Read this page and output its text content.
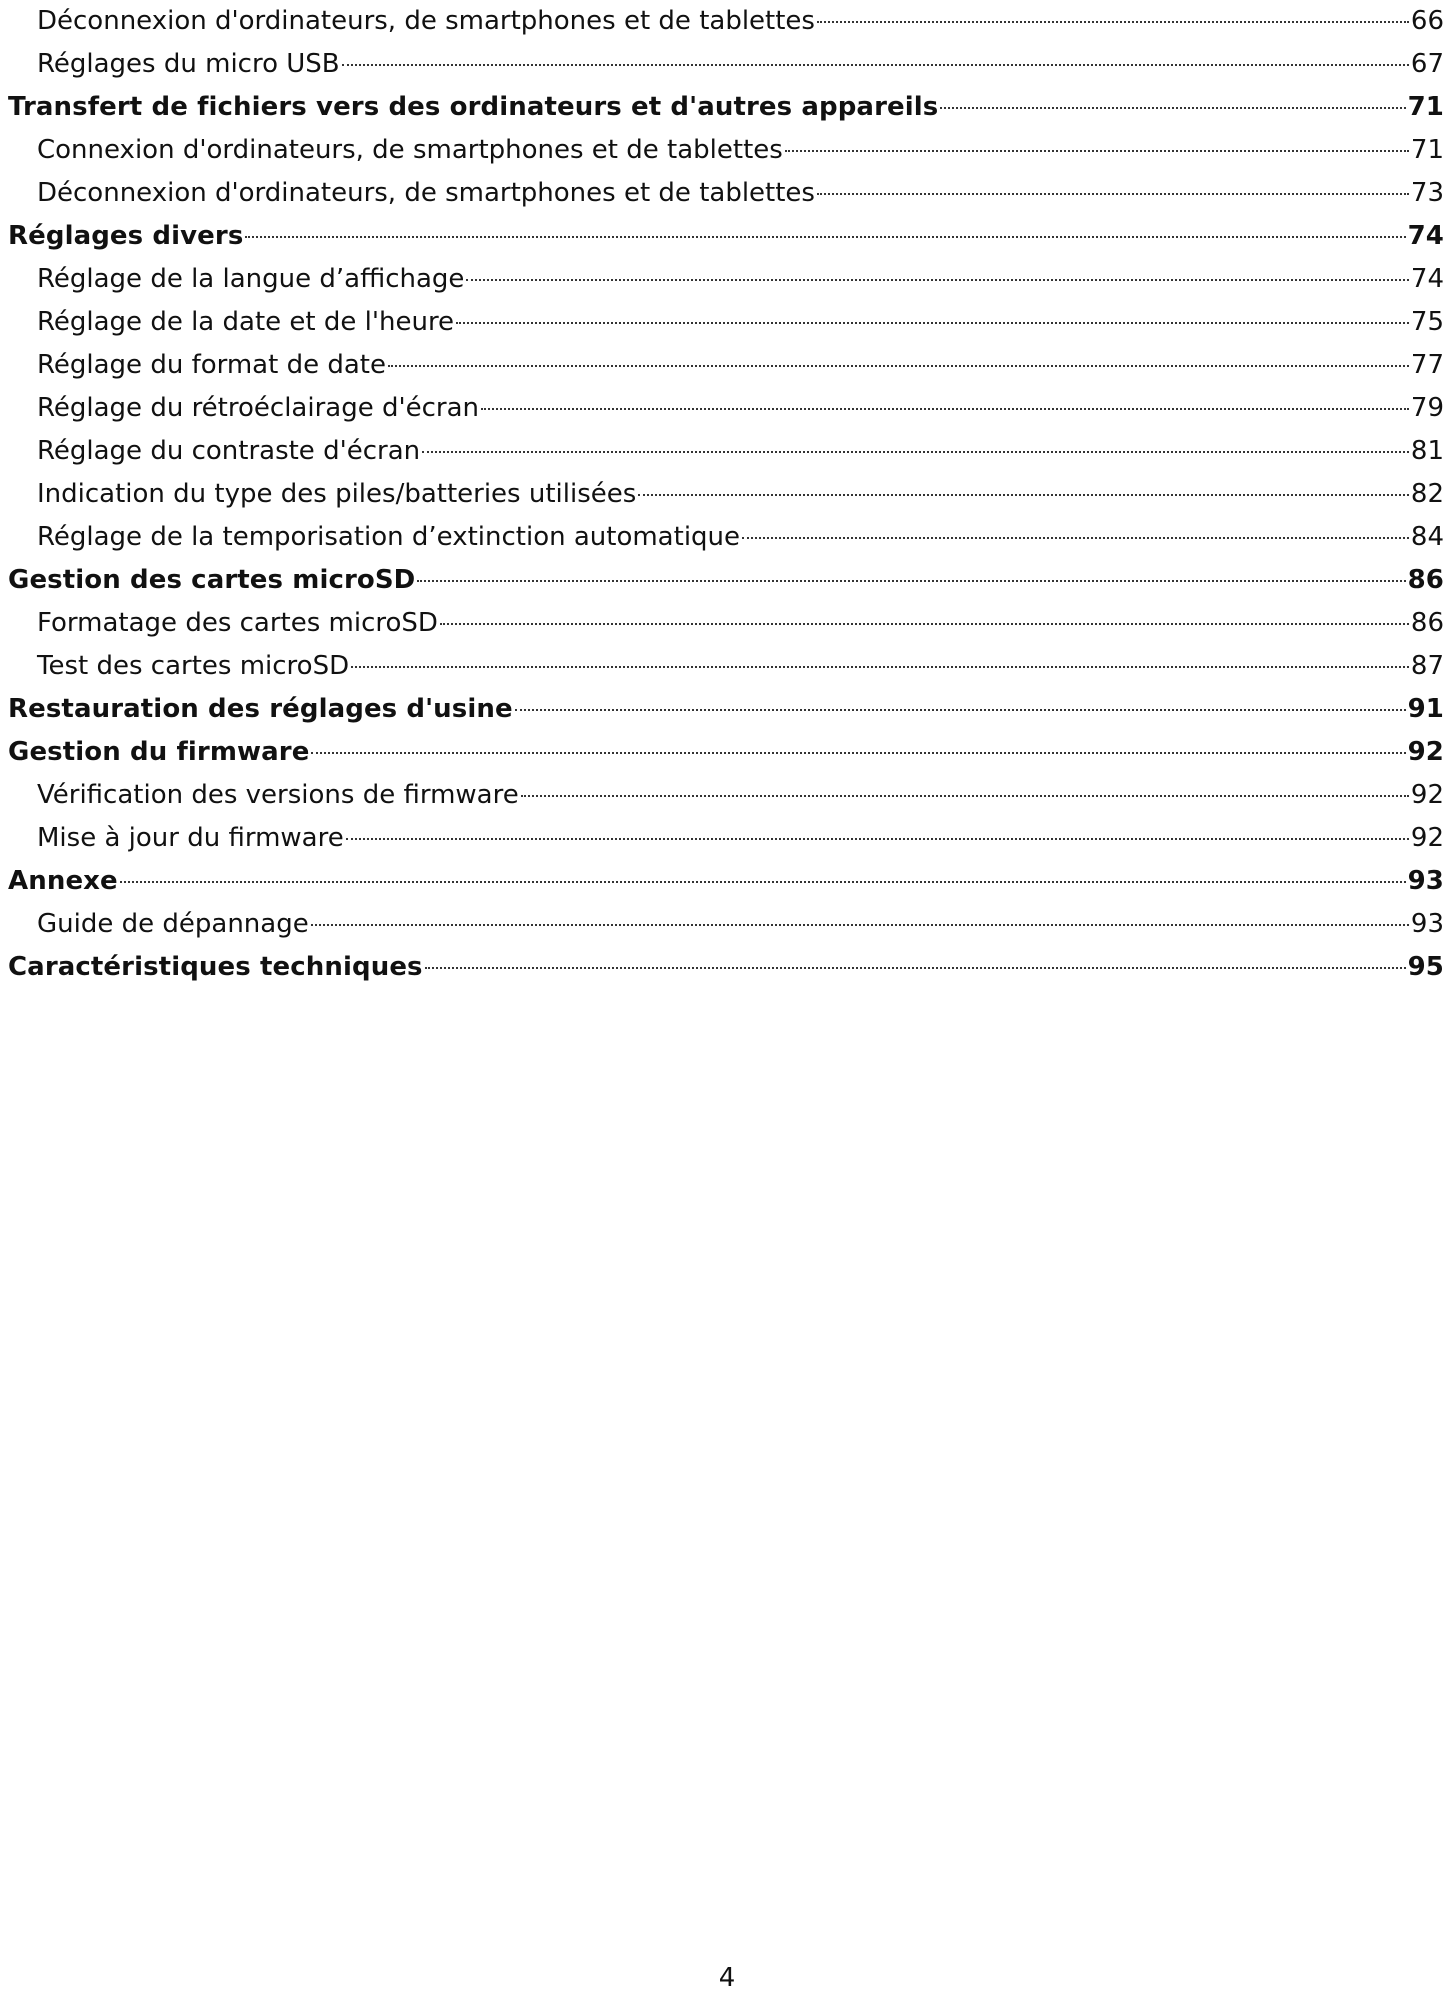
Déconnexion d'ordinateurs, de smartphones et de tablettes	66
Réglages du micro USB	67
Transfert de fichiers vers des ordinateurs et d'autres appareils	71
Connexion d'ordinateurs, de smartphones et de tablettes	71
Déconnexion d'ordinateurs, de smartphones et de tablettes	73
Réglages divers	74
Réglage de la langue d’affichage	74
Réglage de la date et de l'heure	75
Réglage du format de date	77
Réglage du rétroéclairage d'écran	79
Réglage du contraste d'écran	81
Indication du type des piles/batteries utilisées	82
Réglage de la temporisation d’extinction automatique	84
Gestion des cartes microSD	86
Formatage des cartes microSD	86
Test des cartes microSD	87
Restauration des réglages d'usine	91
Gestion du firmware	92
Vérification des versions de firmware	92
Mise à jour du firmware	92
Annexe	93
Guide de dépannage	93
Caractéristiques techniques	95
4
